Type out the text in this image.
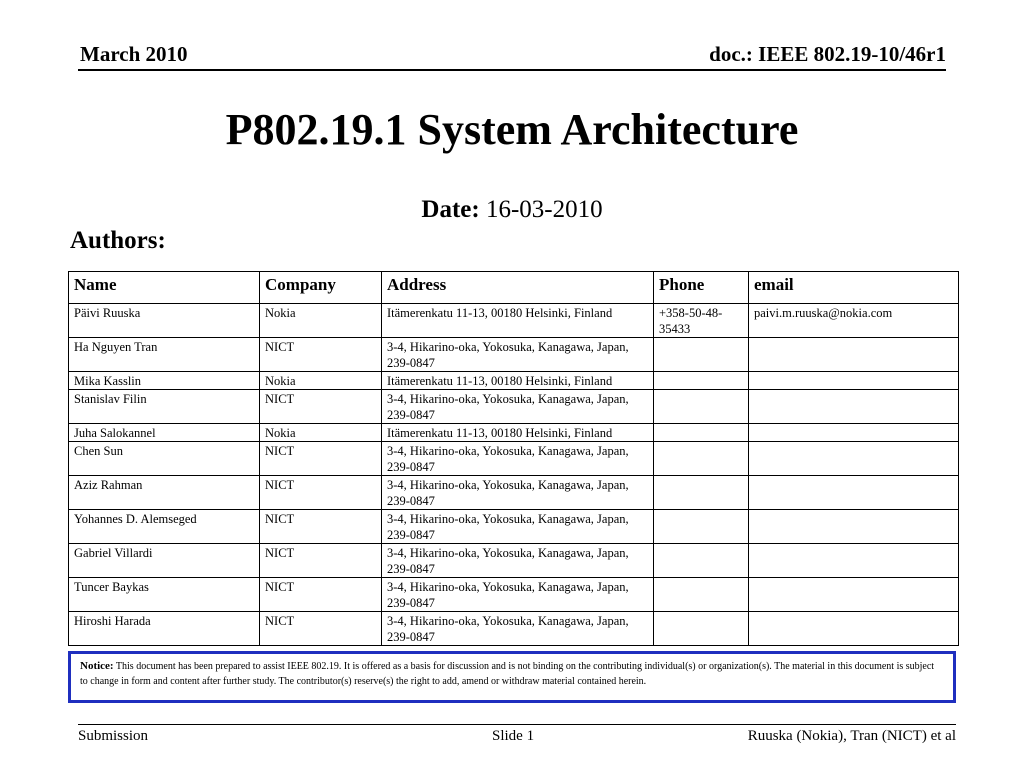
March 2010	doc.: IEEE 802.19-10/46r1
P802.19.1 System Architecture
Date: 16-03-2010
Authors:
Name	Company	Address	Phone	email
Päivi Ruuska	Nokia	Itämerenkatu 11-13, 00180 Helsinki, Finland	+358-50-48-35433	paivi.m.ruuska@nokia.com
Ha Nguyen Tran	NICT	3-4, Hikarino-oka, Yokosuka, Kanagawa, Japan, 239-0847		
Mika Kasslin	Nokia	Itämerenkatu 11-13, 00180 Helsinki, Finland		
Stanislav Filin	NICT	3-4, Hikarino-oka, Yokosuka, Kanagawa, Japan, 239-0847		
Juha Salokannel	Nokia	Itämerenkatu 11-13, 00180 Helsinki, Finland		
Chen Sun	NICT	3-4, Hikarino-oka, Yokosuka, Kanagawa, Japan, 239-0847		
Aziz Rahman	NICT	3-4, Hikarino-oka, Yokosuka, Kanagawa, Japan, 239-0847		
Yohannes D. Alemseged	NICT	3-4, Hikarino-oka, Yokosuka, Kanagawa, Japan, 239-0847		
Gabriel Villardi	NICT	3-4, Hikarino-oka, Yokosuka, Kanagawa, Japan, 239-0847		
Tuncer Baykas	NICT	3-4, Hikarino-oka, Yokosuka, Kanagawa, Japan, 239-0847		
Hiroshi Harada	NICT	3-4, Hikarino-oka, Yokosuka, Kanagawa, Japan, 239-0847		
Notice: This document has been prepared to assist IEEE 802.19. It is offered as a basis for discussion and is not binding on the contributing individual(s) or organization(s). The material in this document is subject to change in form and content after further study. The contributor(s) reserve(s) the right to add, amend or withdraw material contained herein.
Submission	Slide 1	Ruuska (Nokia), Tran (NICT) et al
